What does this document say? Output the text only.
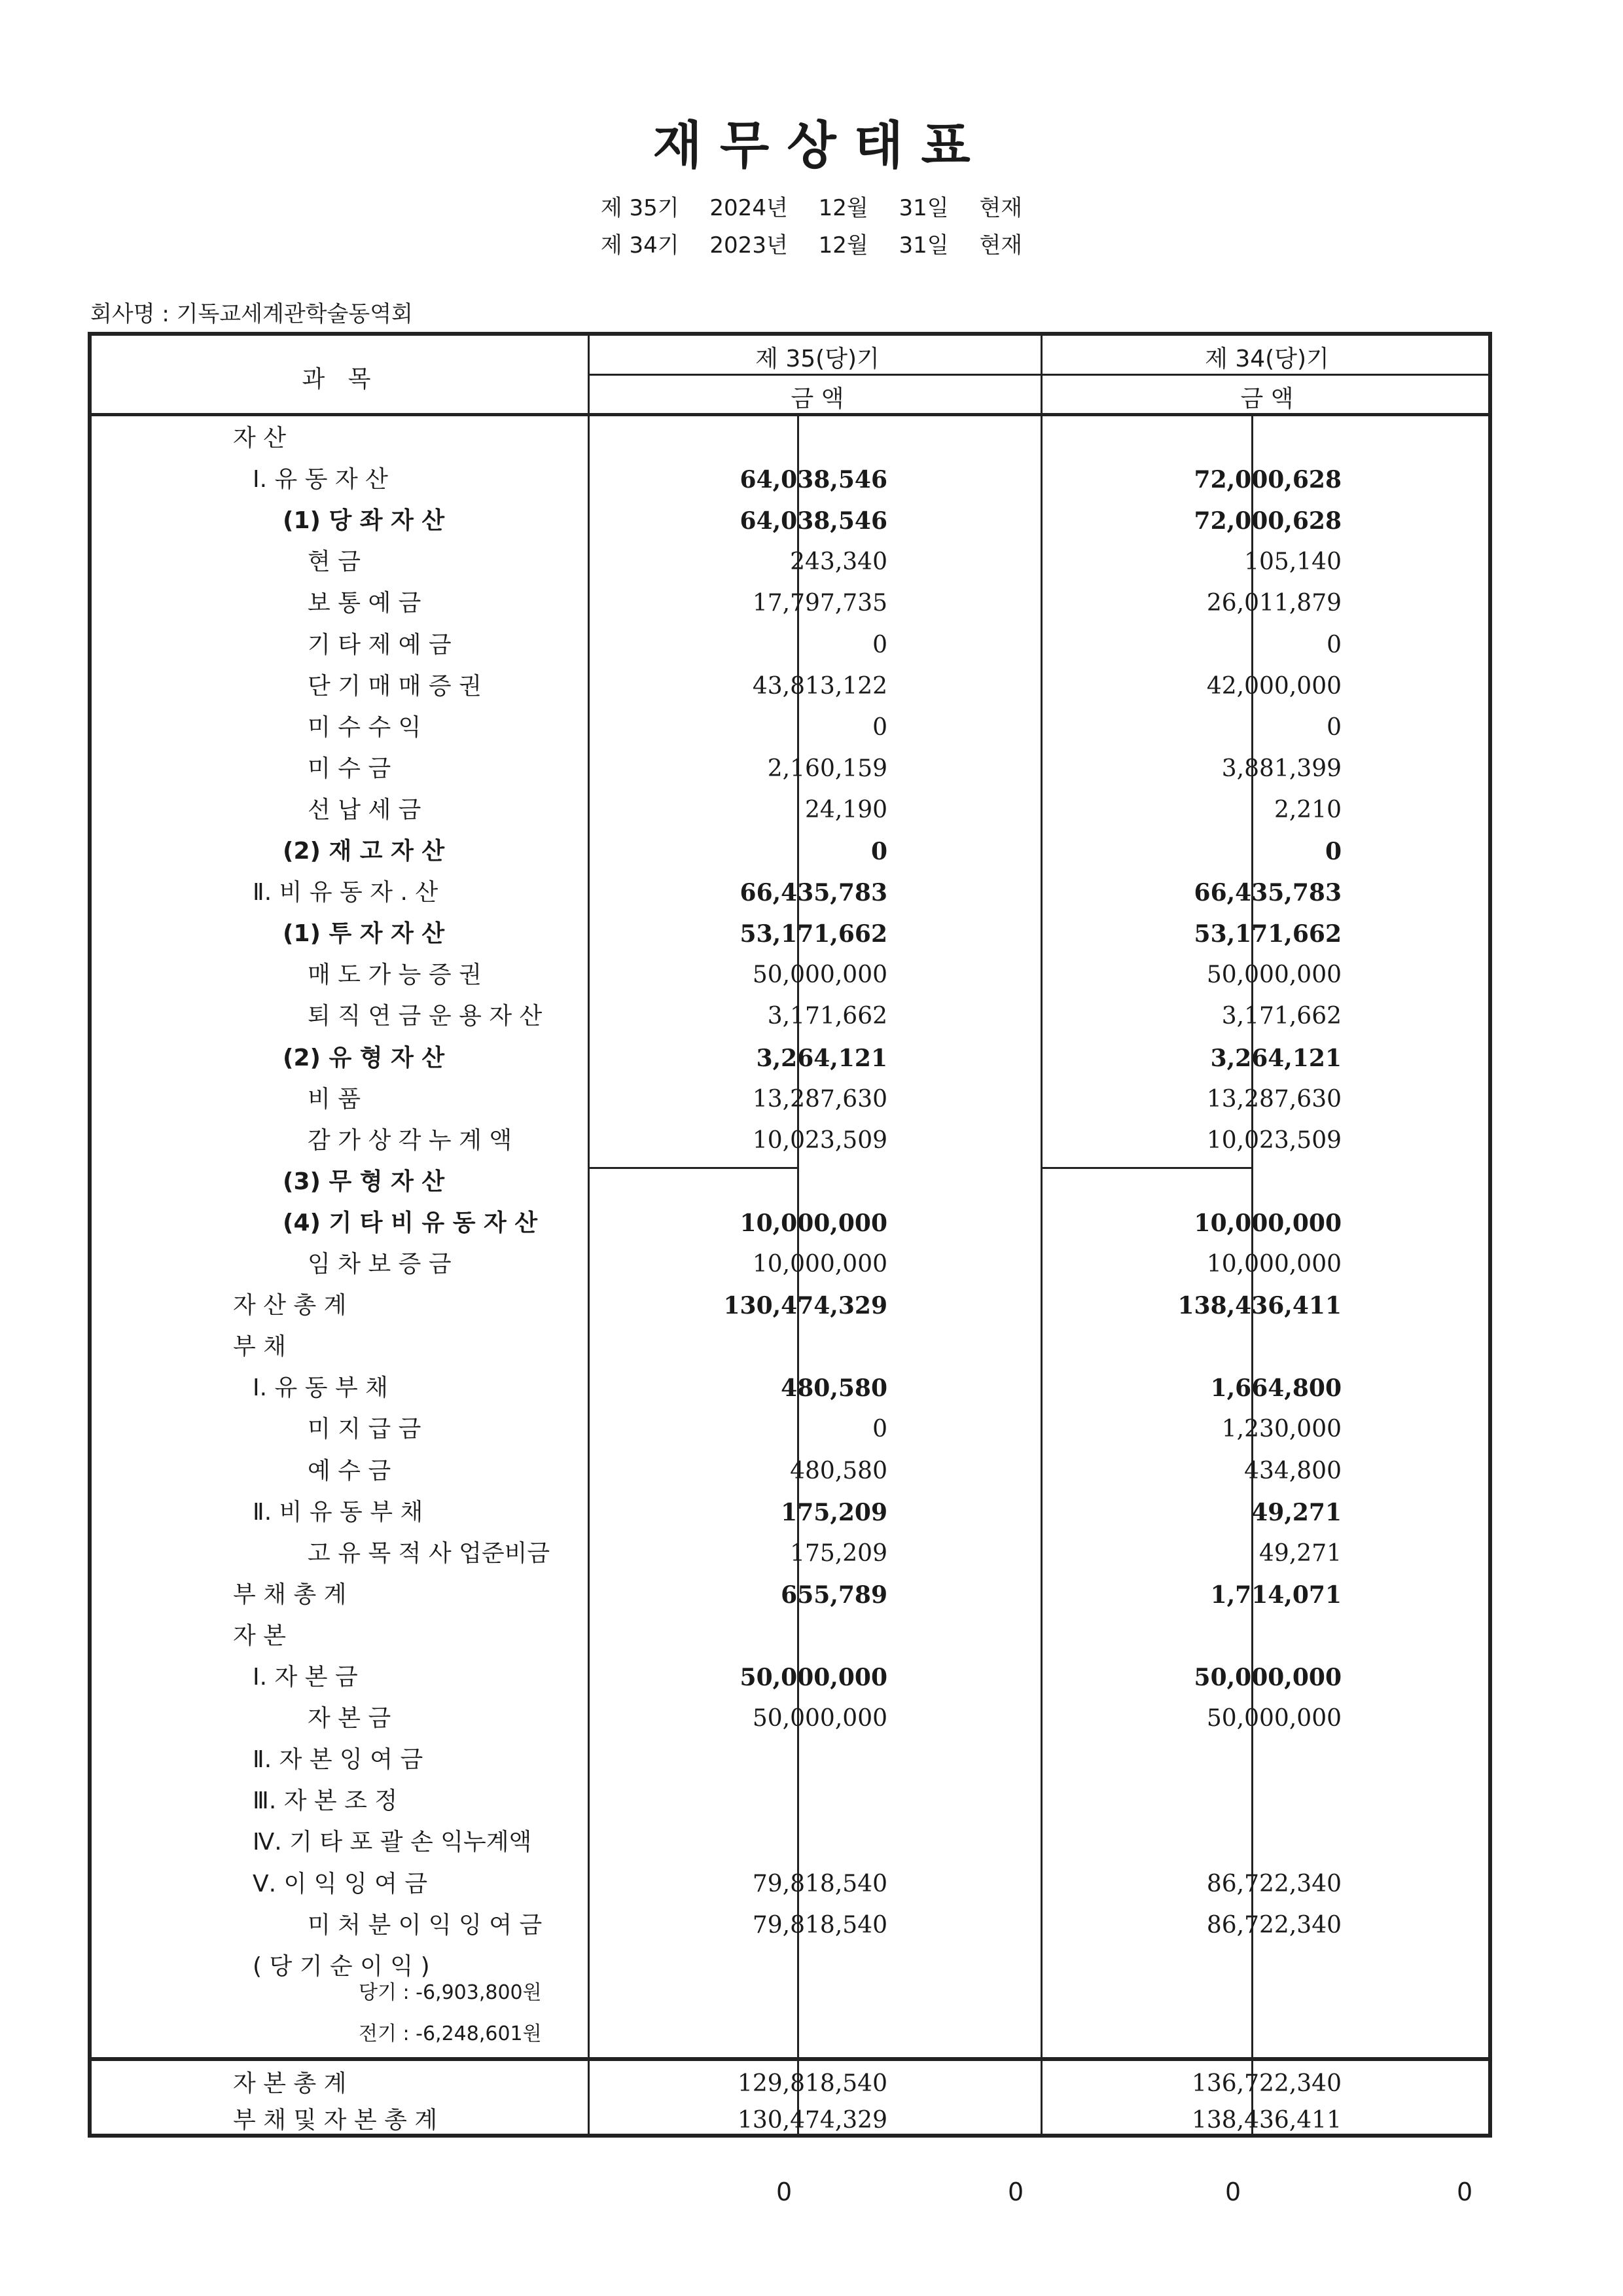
재 무 상 태 표
제 35기 2024년 12월 31일 현재
제 34기 2023년 12월 31일 현재
회사명 : 기독교세계관학술동역회
과 목
제 35(당)기	제 34(당)기
금 액	금 액
자 산
Ⅰ. 유 동 자 산	64,038,546	72,000,628
(1) 당 좌 자 산	64,038,546	72,000,628
현 금	243,340	105,140
보 통 예 금	17,797,735	26,011,879
기 타 제 예 금	0	0
단 기 매 매 증 권	43,813,122	42,000,000
미 수 수 익	0	0
미 수 금	2,160,159	3,881,399
선 납 세 금	24,190	2,210
(2) 재 고 자 산	0	0
Ⅱ. 비 유 동 자 . 산	66,435,783	66,435,783
(1) 투 자 자 산	53,171,662	53,171,662
매 도 가 능 증 권	50,000,000	50,000,000
퇴 직 연 금 운 용 자 산	3,171,662	3,171,662
(2) 유 형 자 산	3,264,121	3,264,121
비 품	13,287,630	13,287,630
감 가 상 각 누 계 액	10,023,509	10,023,509
(3) 무 형 자 산
(4) 기 타 비 유 동 자 산	10,000,000	10,000,000
임 차 보 증 금	10,000,000	10,000,000
자 산 총 계	130,474,329	138,436,411
부 채
Ⅰ. 유 동 부 채	480,580	1,664,800
미 지 급 금	0	1,230,000
예 수 금	480,580	434,800
Ⅱ. 비 유 동 부 채	175,209	49,271
고 유 목 적 사 업준비금	175,209	49,271
부 채 총 계	655,789	1,714,071
자 본
Ⅰ. 자 본 금	50,000,000	50,000,000
자 본 금	50,000,000	50,000,000
Ⅱ. 자 본 잉 여 금
Ⅲ. 자 본 조 정
Ⅳ. 기 타 포 괄 손 익누계액
Ⅴ. 이 익 잉 여 금	79,818,540	86,722,340
미 처 분 이 익 잉 여 금	79,818,540	86,722,340
( 당 기 순 이 익 )
당기 : -6,903,800원
전기 : -6,248,601원
자 본 총 계	129,818,540	136,722,340
부 채 및 자 본 총 계	130,474,329	138,436,411
0	0	0	0
